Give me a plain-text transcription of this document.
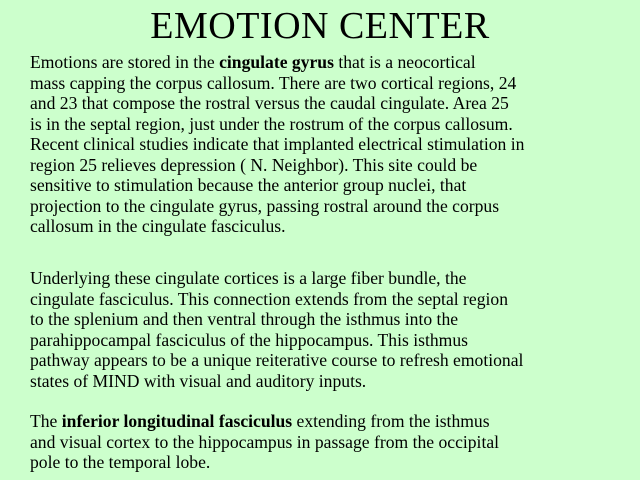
EMOTION CENTER

Emotions are stored in the cingulate gyrus that is a neocortical
mass capping the corpus callosum. There are two cortical regions, 24
and 23 that compose the rostral versus the caudal cingulate. Area 25
is in the septal region, just under the rostrum of the corpus callosum.
Recent clinical studies indicate that implanted electrical stimulation in
region 25 relieves depression ( N. Neighbor). This site could be
sensitive to stimulation because the anterior group nuclei, that
projection to the cingulate gyrus, passing rostral around the corpus
callosum in the cingulate fasciculus.

Underlying these cingulate cortices is a large fiber bundle, the
cingulate fasciculus. This connection extends from the septal region
to the splenium and then ventral through the isthmus into the
parahippocampal fasciculus of the hippocampus. This isthmus
pathway appears to be a unique reiterative course to refresh emotional
states of MIND with visual and auditory inputs.

The inferior longitudinal fasciculus extending from the isthmus
and visual cortex to the hippocampus in passage from the occipital
pole to the temporal lobe.
